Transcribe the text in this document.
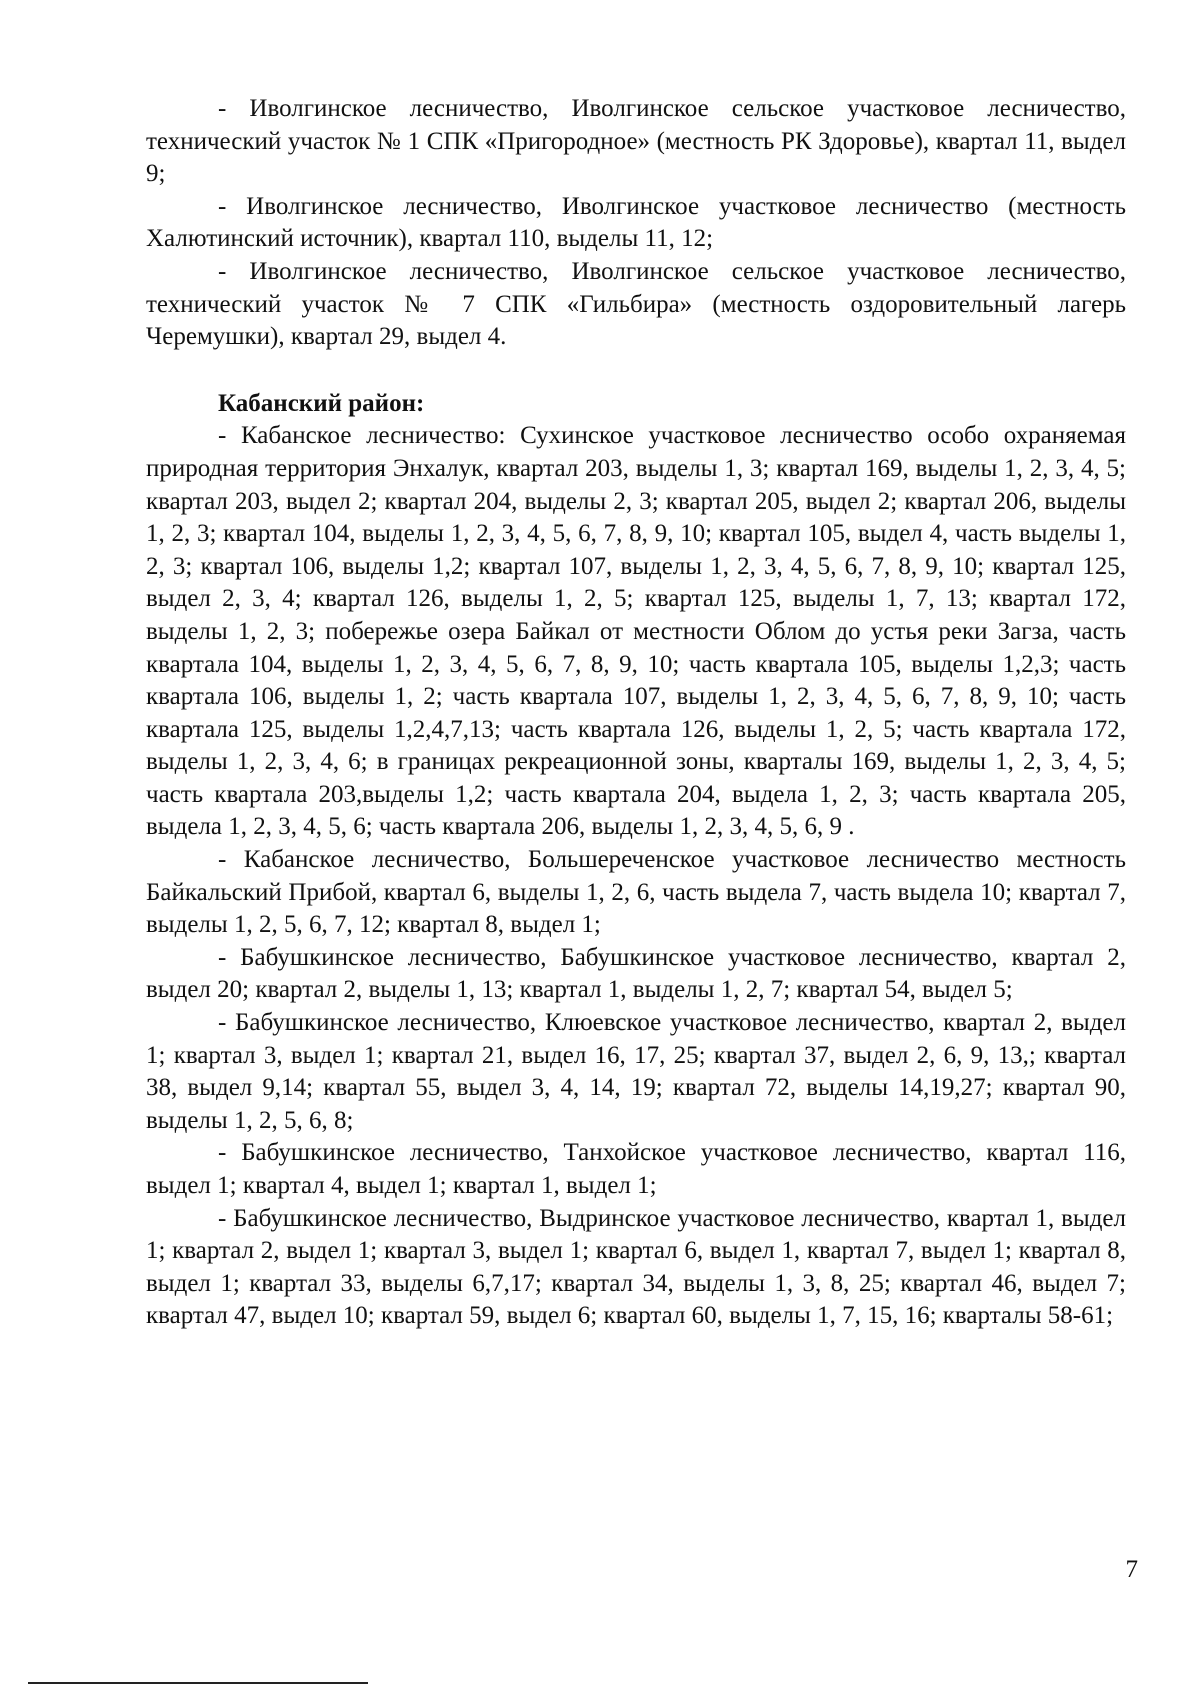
- Иволгинское лесничество, Иволгинское сельское участковое лесничество, технический участок № 1 СПК «Пригородное» (местность РК Здоровье), квартал 11, выдел 9;

- Иволгинское лесничество, Иволгинское участковое лесничество (местность Халютинский источник), квартал 110, выделы 11, 12;

- Иволгинское лесничество, Иволгинское сельское участковое лесничество, технический участок № 7 СПК «Гильбира» (местность оздоровительный лагерь Черемушки), квартал 29, выдел 4.

Кабанский район:

- Кабанское лесничество: Сухинское участковое лесничество особо охраняемая природная территория Энхалук, квартал 203, выделы 1, 3; квартал 169, выделы 1, 2, 3, 4, 5; квартал 203, выдел 2; квартал 204, выделы 2, 3; квартал 205, выдел 2; квартал 206, выделы 1, 2, 3; квартал 104, выделы 1, 2, 3, 4, 5, 6, 7, 8, 9, 10; квартал 105, выдел 4, часть выделы 1, 2, 3; квартал 106, выделы 1,2; квартал 107, выделы 1, 2, 3, 4, 5, 6, 7, 8, 9, 10; квартал 125, выдел 2, 3, 4; квартал 126, выделы 1, 2, 5; квартал 125, выделы 1, 7, 13; квартал 172, выделы 1, 2, 3; побережье озера Байкал от местности Облом до устья реки Загза, часть квартала 104, выделы 1, 2, 3, 4, 5, 6, 7, 8, 9, 10; часть квартала 105, выделы 1,2,3; часть квартала 106, выделы 1, 2; часть квартала 107, выделы 1, 2, 3, 4, 5, 6, 7, 8, 9, 10; часть квартала 125, выделы 1,2,4,7,13; часть квартала 126, выделы 1, 2, 5; часть квартала 172, выделы 1, 2, 3, 4, 6; в границах рекреационной зоны, кварталы 169, выделы 1, 2, 3, 4, 5; часть квартала 203,выделы 1,2; часть квартала 204, выдела 1, 2, 3; часть квартала 205, выдела 1, 2, 3, 4, 5, 6; часть квартала 206, выделы 1, 2, 3, 4, 5, 6, 9 .

- Кабанское лесничество, Большереченское участковое лесничество местность Байкальский Прибой, квартал 6, выделы 1, 2, 6, часть выдела 7, часть выдела 10; квартал 7, выделы 1, 2, 5, 6, 7, 12; квартал 8, выдел 1;

- Бабушкинское лесничество, Бабушкинское участковое лесничество, квартал 2, выдел 20; квартал 2, выделы 1, 13; квартал 1, выделы 1, 2, 7; квартал 54, выдел 5;

- Бабушкинское лесничество, Клюевское участковое лесничество, квартал 2, выдел 1; квартал 3, выдел 1; квартал 21, выдел 16, 17, 25; квартал 37, выдел 2, 6, 9, 13,; квартал 38, выдел 9,14; квартал 55, выдел 3, 4, 14, 19; квартал 72, выделы 14,19,27; квартал 90, выделы 1, 2, 5, 6, 8;

- Бабушкинское лесничество, Танхойское участковое лесничество, квартал 116, выдел 1; квартал 4, выдел 1; квартал 1, выдел 1;

- Бабушкинское лесничество, Выдринское участковое лесничество, квартал 1, выдел 1; квартал 2, выдел 1; квартал 3, выдел 1; квартал 6, выдел 1, квартал 7, выдел 1; квартал 8, выдел 1; квартал 33, выделы 6,7,17; квартал 34, выделы 1, 3, 8, 25; квартал 46, выдел 7; квартал 47, выдел 10; квартал 59, выдел 6; квартал 60, выделы 1, 7, 15, 16; кварталы 58-61;

7
